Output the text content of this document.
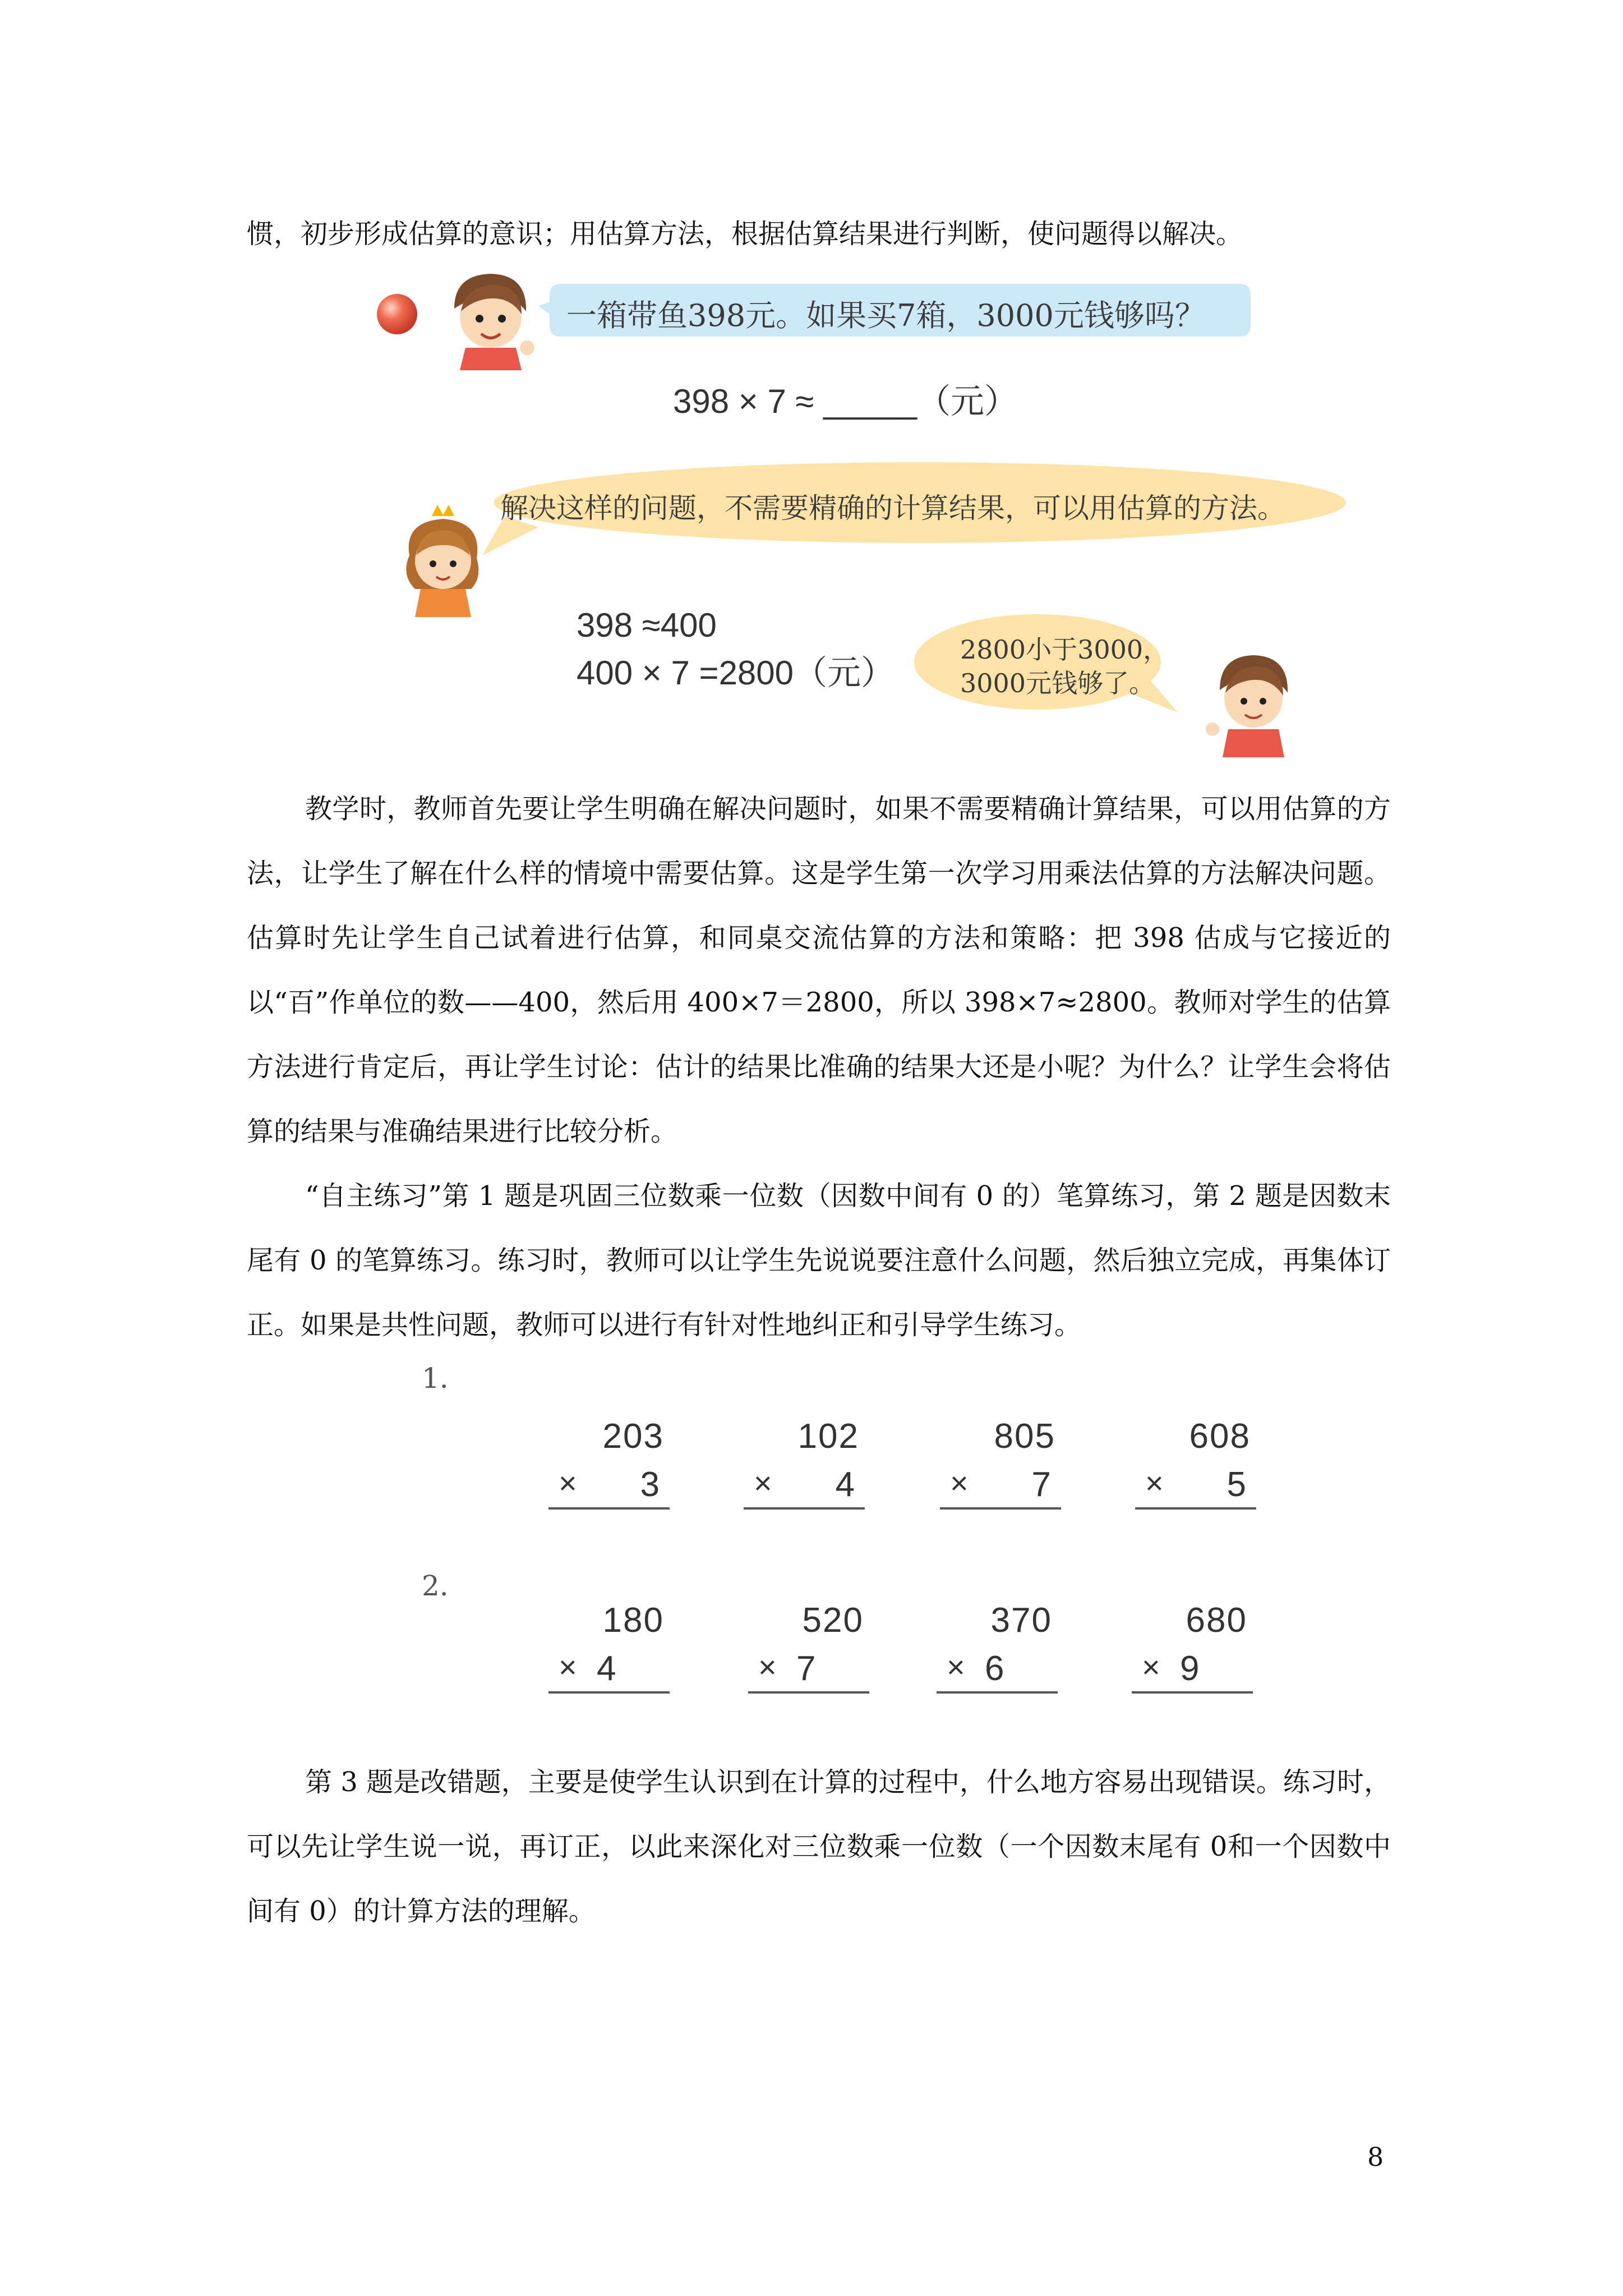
惯，初步形成估算的意识；用估算方法，根据估算结果进行判断，使问题得以解决。

一箱带鱼398元。如果买7箱，3000元钱够吗？
398 × 7 ≈ _____（元）
解决这样的问题，不需要精确的计算结果，可以用估算的方法。
398 ≈400
400 × 7 =2800（元）
2800小于3000，
3000元钱够了。

教学时，教师首先要让学生明确在解决问题时，如果不需要精确计算结果，可以用估算的方法，让学生了解在什么样的情境中需要估算。这是学生第一次学习用乘法估算的方法解决问题。估算时先让学生自己试着进行估算，和同桌交流估算的方法和策略：把 398 估成与它接近的以“百”作单位的数——400，然后用 400×7＝2800，所以 398×7≈2800。教师对学生的估算方法进行肯定后，再让学生讨论：估计的结果比准确的结果大还是小呢？为什么？让学生会将估算的结果与准确结果进行比较分析。

“自主练习”第 1 题是巩固三位数乘一位数（因数中间有 0 的）笔算练习，第 2 题是因数末尾有 0 的笔算练习。练习时，教师可以让学生先说说要注意什么问题，然后独立完成，再集体订正。如果是共性问题，教师可以进行有针对性地纠正和引导学生练习。

1.
203
× 3
102
× 4
805
× 7
608
× 5
2.
180
× 4
520
× 7
370
× 6
680
× 9

第 3 题是改错题，主要是使学生认识到在计算的过程中，什么地方容易出现错误。练习时，可以先让学生说一说，再订正，以此来深化对三位数乘一位数（一个因数末尾有 0和一个因数中间有 0）的计算方法的理解。

8
